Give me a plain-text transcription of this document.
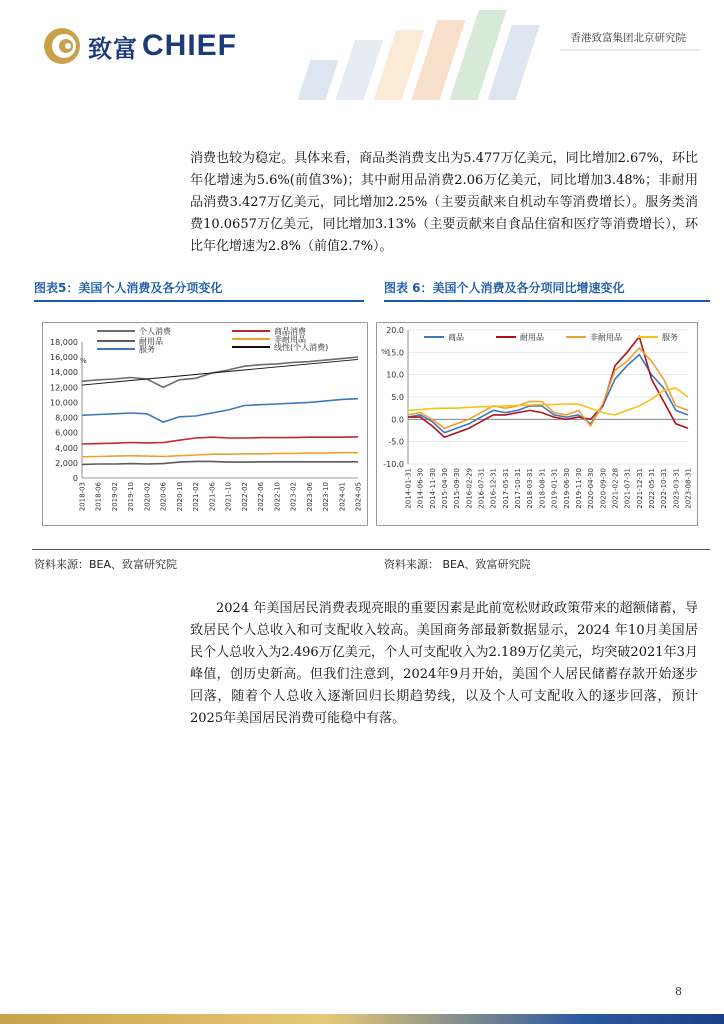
致富 CHIEF	香港致富集团北京研究院
消费也较为稳定。具体来看，商品类消费支出为5.477万亿美元，同比增加2.67%，环比年化增速为5.6%(前值3%)；其中耐用品消费2.06万亿美元，同比增加3.48%；非耐用品消费3.427万亿美元，同比增加2.25%（主要贡献来自机动车等消费增长）。服务类消费10.0657万亿美元，同比增加3.13%（主要贡献来自食品住宿和医疗等消费增长），环比年化增速为2.8%（前值2.7%）。
图表5：美国个人消费及各分项变化	图表 6：美国个人消费及各分项同比增速变化
0
2,000
4,000
6,000
8,000
10,000
12,000
14,000
16,000
18,000
2018-03 2018-06 2019-02 2019-10 2020-02 2020-06 2020-10 2021-02 2021-06 2021-10 2022-02 2022-06 2022-10 2023-02 2023-06 2023-10 2024-01 2024-05
%
个人消费	商品消费
耐用品	非耐用品
服务	线性(个人消费)
-10.0
-5.0
0.0
5.0
10.0
15.0
20.0
2014-01-31 2014-06-30 2014-11-30 2015-04-30 2015-09-30 2016-02-29 2016-07-31 2016-12-31 2017-05-31 2017-10-31 2018-03-31 2018-08-31 2019-01-31 2019-06-30 2019-11-30 2020-04-30 2020-09-30 2021-02-28 2021-07-31 2021-12-31 2022-05-31 2022-10-31 2023-03-31 2023-08-31
%
商品	耐用品	非耐用品	服务
资料来源：BEA、致富研究院	资料来源： BEA、致富研究院
2024 年美国居民消费表现亮眼的重要因素是此前宽松财政政策带来的超额储蓄，导致居民个人总收入和可支配收入较高。美国商务部最新数据显示，2024 年10月美国居民个人总收入为2.496万亿美元，个人可支配收入为2.189万亿美元，均突破2021年3月峰值，创历史新高。但我们注意到，2024年9月开始，美国个人居民储蓄存款开始逐步回落，随着个人总收入逐渐回归长期趋势线，以及个人可支配收入的逐步回落，预计2025年美国居民消费可能稳中有落。
8
